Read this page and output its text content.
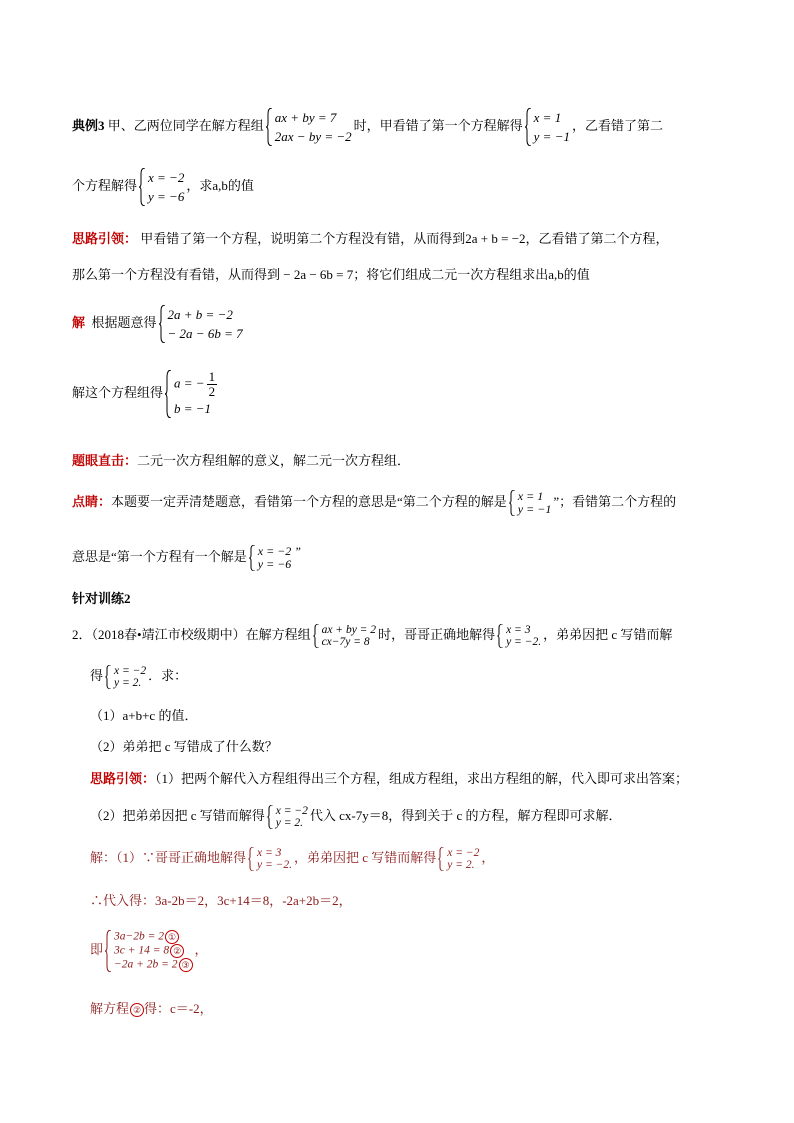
典例3 甲、乙两位同学在解方程组
ax + by = 7
2ax − by = −2
时，甲看错了第一个方程解得
x = 1
y = −1
，乙看错了第二
个方程解得
x = −2
y = −6
，求a,b的值
思路引领： 甲看错了第一个方程，说明第二个方程没有错，从而得到2a + b = −2，乙看错了第二个方程，
那么第一个方程没有看错，从而得到 − 2a − 6b = 7；将它们组成二元一次方程组求出a,b的值
解 根据题意得
2a + b = −2
− 2a − 6b = 7
解这个方程组得
a = − $\frac{1}{2}$
b = −1
题眼直击：二元一次方程组解的意义，解二元一次方程组．
点睛：本题要一定弄清楚题意，看错第一个方程的意思是“第二个方程的解是 x = 1
y = −1
”；看错第二个方程的
意思是“第一个方程有一个解是 x = −2 ”
y = −6
针对训练2
2．（2018春•靖江市校级期中）在解方程组 ax + by = 2
cx−7y = 8
时，哥哥正确地解得 x = 3
y = −2.
，弟弟因把 c 写错而解
得 x = −2
y = 2.
．求：
（1）a+b+c 的值．
（2）弟弟把 c 写错成了什么数？
思路引领：（1）把两个解代入方程组得出三个方程，组成方程组，求出方程组的解，代入即可求出答案；
（2）把弟弟因把 c 写错而解得 x = −2
y = 2.
代入 cx-7y＝8，得到关于 c 的方程，解方程即可求解．
解：（1）∵哥哥正确地解得 x = 3
y = −2.
，弟弟因把 c 写错而解得 x = −2
y = 2.
，
∴代入得：3a-2b＝2，3c+14＝8，-2a+2b＝2，
即
3a−2b = 2 ①
3c + 14 = 8 ②
−2a + 2b = 2 ③
，
解方程 ② 得：c＝-2，
